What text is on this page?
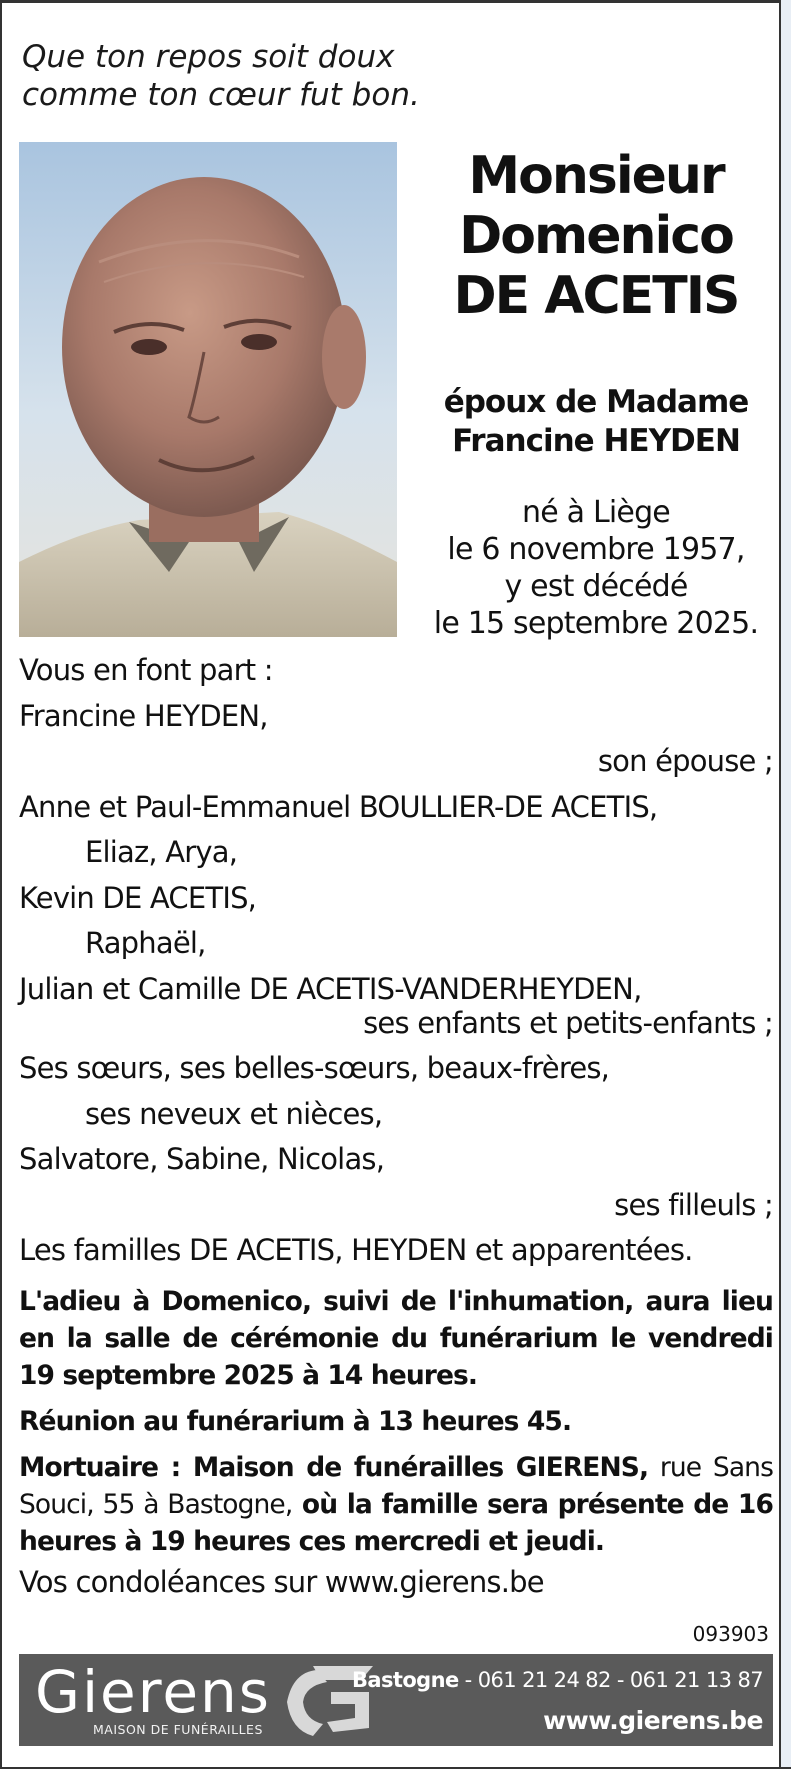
Que ton repos soit doux
comme ton cœur fut bon.
Monsieur
Domenico
DE ACETIS
époux de Madame
Francine HEYDEN
né à Liège
le 6 novembre 1957,
y est décédé
le 15 septembre 2025.
Vous en font part :
Francine HEYDEN,
son épouse ;
Anne et Paul-Emmanuel BOULLIER-DE ACETIS,
Eliaz, Arya,
Kevin DE ACETIS,
Raphaël,
Julian et Camille DE ACETIS-VANDERHEYDEN,
ses enfants et petits-enfants ;
Ses sœurs, ses belles-sœurs, beaux-frères,
ses neveux et nièces,
Salvatore, Sabine, Nicolas,
ses filleuls ;
Les familles DE ACETIS, HEYDEN et apparentées.

L'adieu à Domenico, suivi de l'inhumation, aura lieu en la salle de cérémonie du funérarium le vendredi 19 septembre 2025 à 14 heures.

Réunion au funérarium à 13 heures 45.

Mortuaire : Maison de funérailles GIERENS, rue Sans Souci, 55 à Bastogne, où la famille sera présente de 16 heures à 19 heures ces mercredi et jeudi.

Vos condoléances sur www.gierens.be
093903
Gierens
MAISON DE FUNÉRAILLES
Bastogne - 061 21 24 82 - 061 21 13 87
www.gierens.be
